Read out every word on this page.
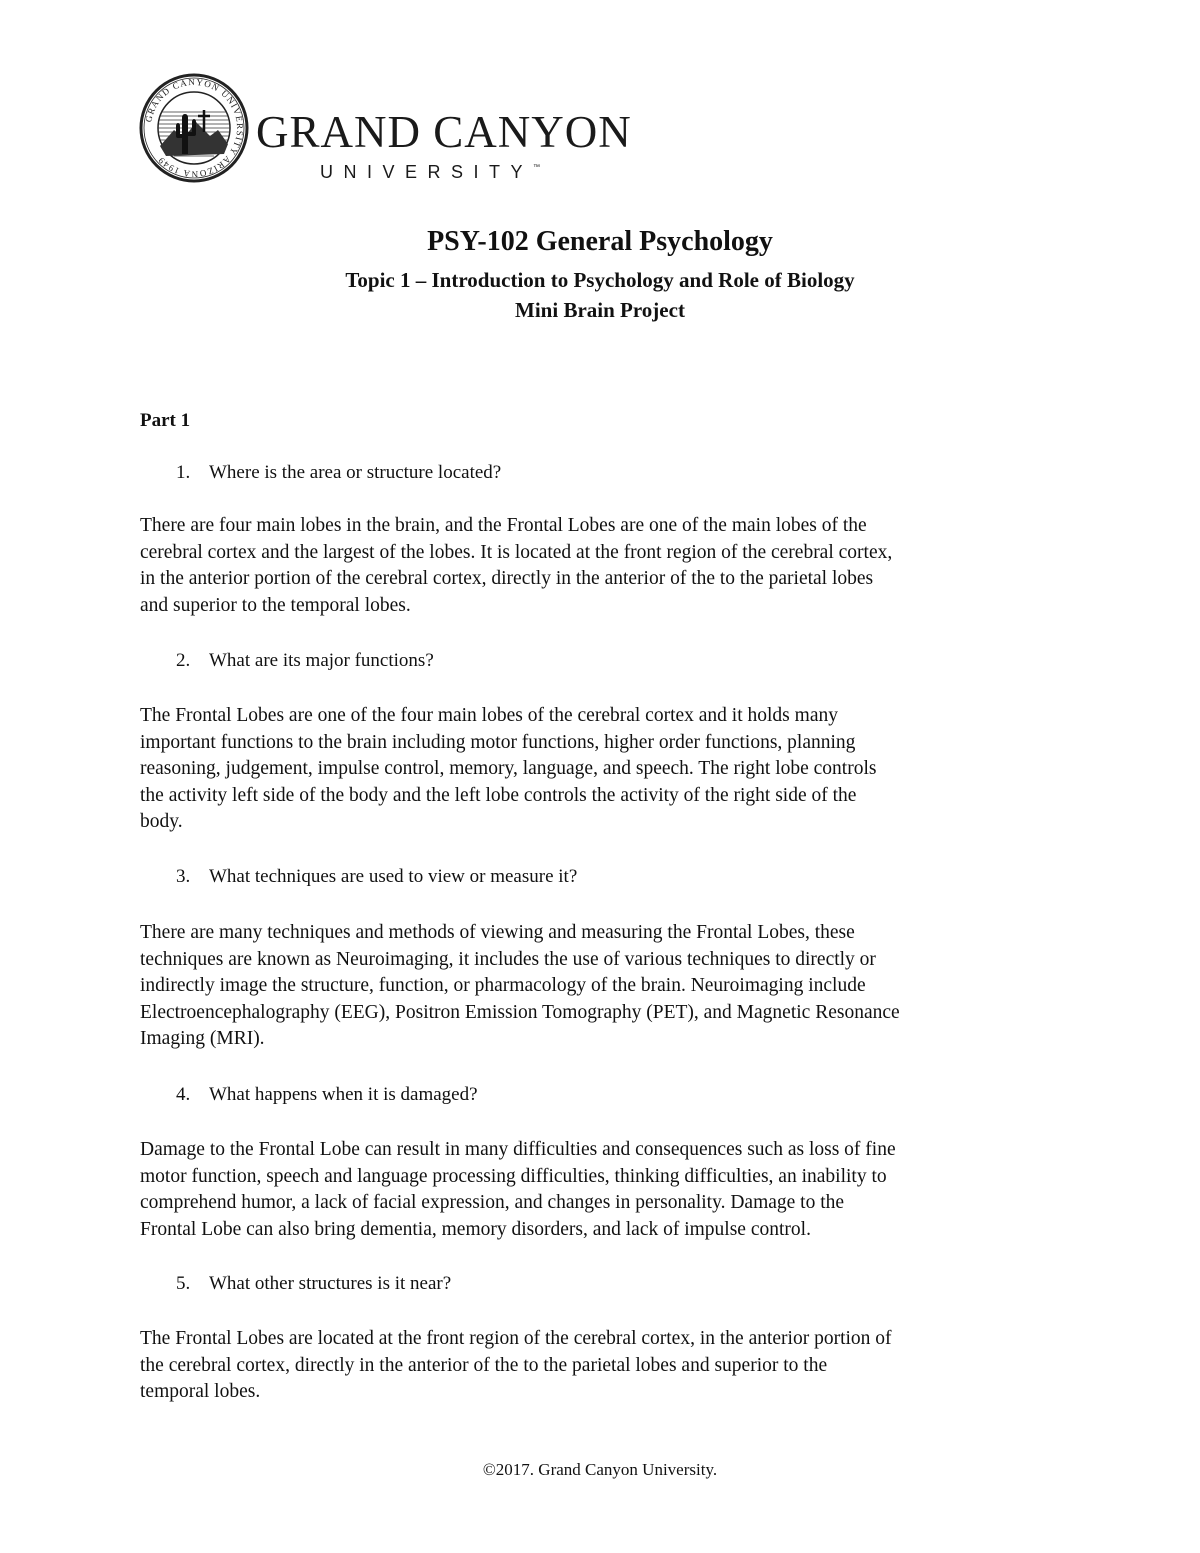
GRAND CANYON UNIVERSITY ARIZONA 1949
GRAND CANYON
UNIVERSITY™
PSY-102 General Psychology
Topic 1 – Introduction to Psychology and Role of Biology
Mini Brain Project
Part 1
1. Where is the area or structure located?
There are four main lobes in the brain, and the Frontal Lobes are one of the main lobes of the
cerebral cortex and the largest of the lobes. It is located at the front region of the cerebral cortex,
in the anterior portion of the cerebral cortex, directly in the anterior of the to the parietal lobes
and superior to the temporal lobes.
2. What are its major functions?
The Frontal Lobes are one of the four main lobes of the cerebral cortex and it holds many
important functions to the brain including motor functions, higher order functions, planning
reasoning, judgement, impulse control, memory, language, and speech. The right lobe controls
the activity left side of the body and the left lobe controls the activity of the right side of the
body.
3. What techniques are used to view or measure it?
There are many techniques and methods of viewing and measuring the Frontal Lobes, these
techniques are known as Neuroimaging, it includes the use of various techniques to directly or
indirectly image the structure, function, or pharmacology of the brain. Neuroimaging include
Electroencephalography (EEG), Positron Emission Tomography (PET), and Magnetic Resonance
Imaging (MRI).
4. What happens when it is damaged?
Damage to the Frontal Lobe can result in many difficulties and consequences such as loss of fine
motor function, speech and language processing difficulties, thinking difficulties, an inability to
comprehend humor, a lack of facial expression, and changes in personality. Damage to the
Frontal Lobe can also bring dementia, memory disorders, and lack of impulse control.
5. What other structures is it near?
The Frontal Lobes are located at the front region of the cerebral cortex, in the anterior portion of
the cerebral cortex, directly in the anterior of the to the parietal lobes and superior to the
temporal lobes.
©2017. Grand Canyon University.
